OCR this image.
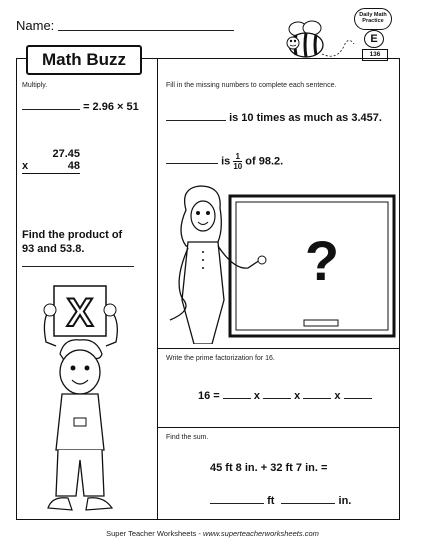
Name:
Daily Math
Practice
E
136
Math Buzz
Multiply.
= 2.96 × 51
27.45
x	48
Find the product of
93 and 53.8.
X
Fill in the missing numbers to complete each sentence.
is 10 times as much as 3.457.
is $\frac{1}{10}$ of 98.2.
?
Write the prime factorization for 16.
16 =	x	x	x
Find the sum.
45 ft 8 in. + 32 ft 7 in. =
ft	in.
Super Teacher Worksheets - www.superteacherworksheets.com
